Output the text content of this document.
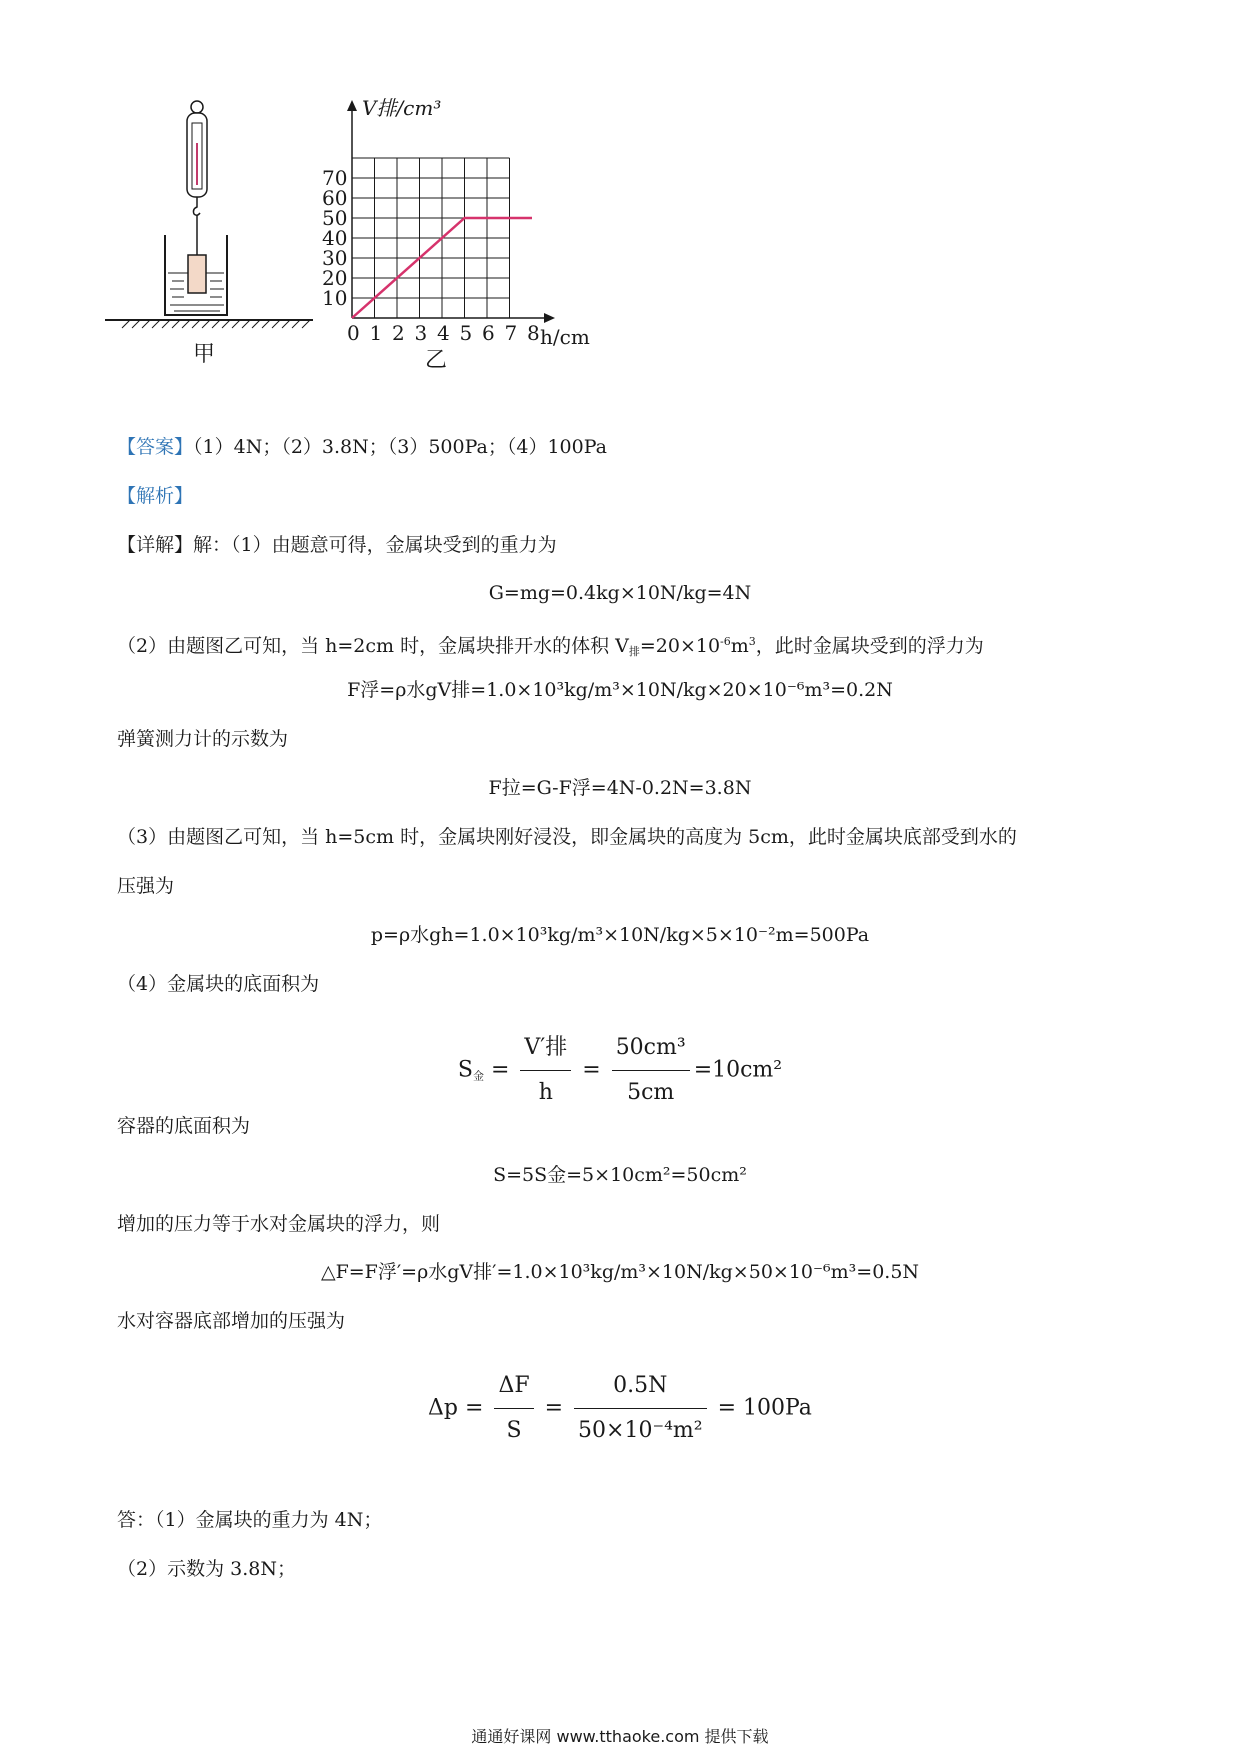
0 1 2 3 4 5 6 7 8
10
20
30
40
50
60
70
V排/cm³
h/cm
甲	乙
【答案】（1）4N；（2）3.8N；（3）500Pa；（4）100Pa
【解析】
【详解】解：（1）由题意可得，金属块受到的重力为
G=mg=0.4kg×10N/kg=4N
（2）由题图乙可知，当 h=2cm 时，金属块排开水的体积 $V_排=20\times 10^{-6}m^3$，此时金属块受到的浮力为
F浮=ρ水gV排=1.0×10³kg/m³×10N/kg×20×10⁻⁶m³=0.2N
弹簧测力计的示数为
F拉=G-F浮=4N-0.2N=3.8N
（3）由题图乙可知，当 h=5cm 时，金属块刚好浸没，即金属块的高度为 5cm，此时金属块底部受到水的
压强为
p=ρ水gh=1.0×10³kg/m³×10N/kg×5×10⁻²m=500Pa
（4）金属块的底面积为
$S_金 = \frac{\text{V′排}}{h} = \frac{\text{50cm³}}{5cm} =10cm^2$
容器的底面积为
S=5S金=5×10cm²=50cm²
增加的压力等于水对金属块的浮力，则
△F=F浮′=ρ水gV排′=1.0×10³kg/m³×10N/kg×50×10⁻⁶m³=0.5N
水对容器底部增加的压强为
$\Delta p = \frac{\Delta F}{S} = \frac{0.5N}{\text{50×10⁻⁴m²}} = 100Pa$
答：（1）金属块的重力为 4N；
（2）示数为 3.8N；
通通好课网 www.tthaoke.com 提供下载
